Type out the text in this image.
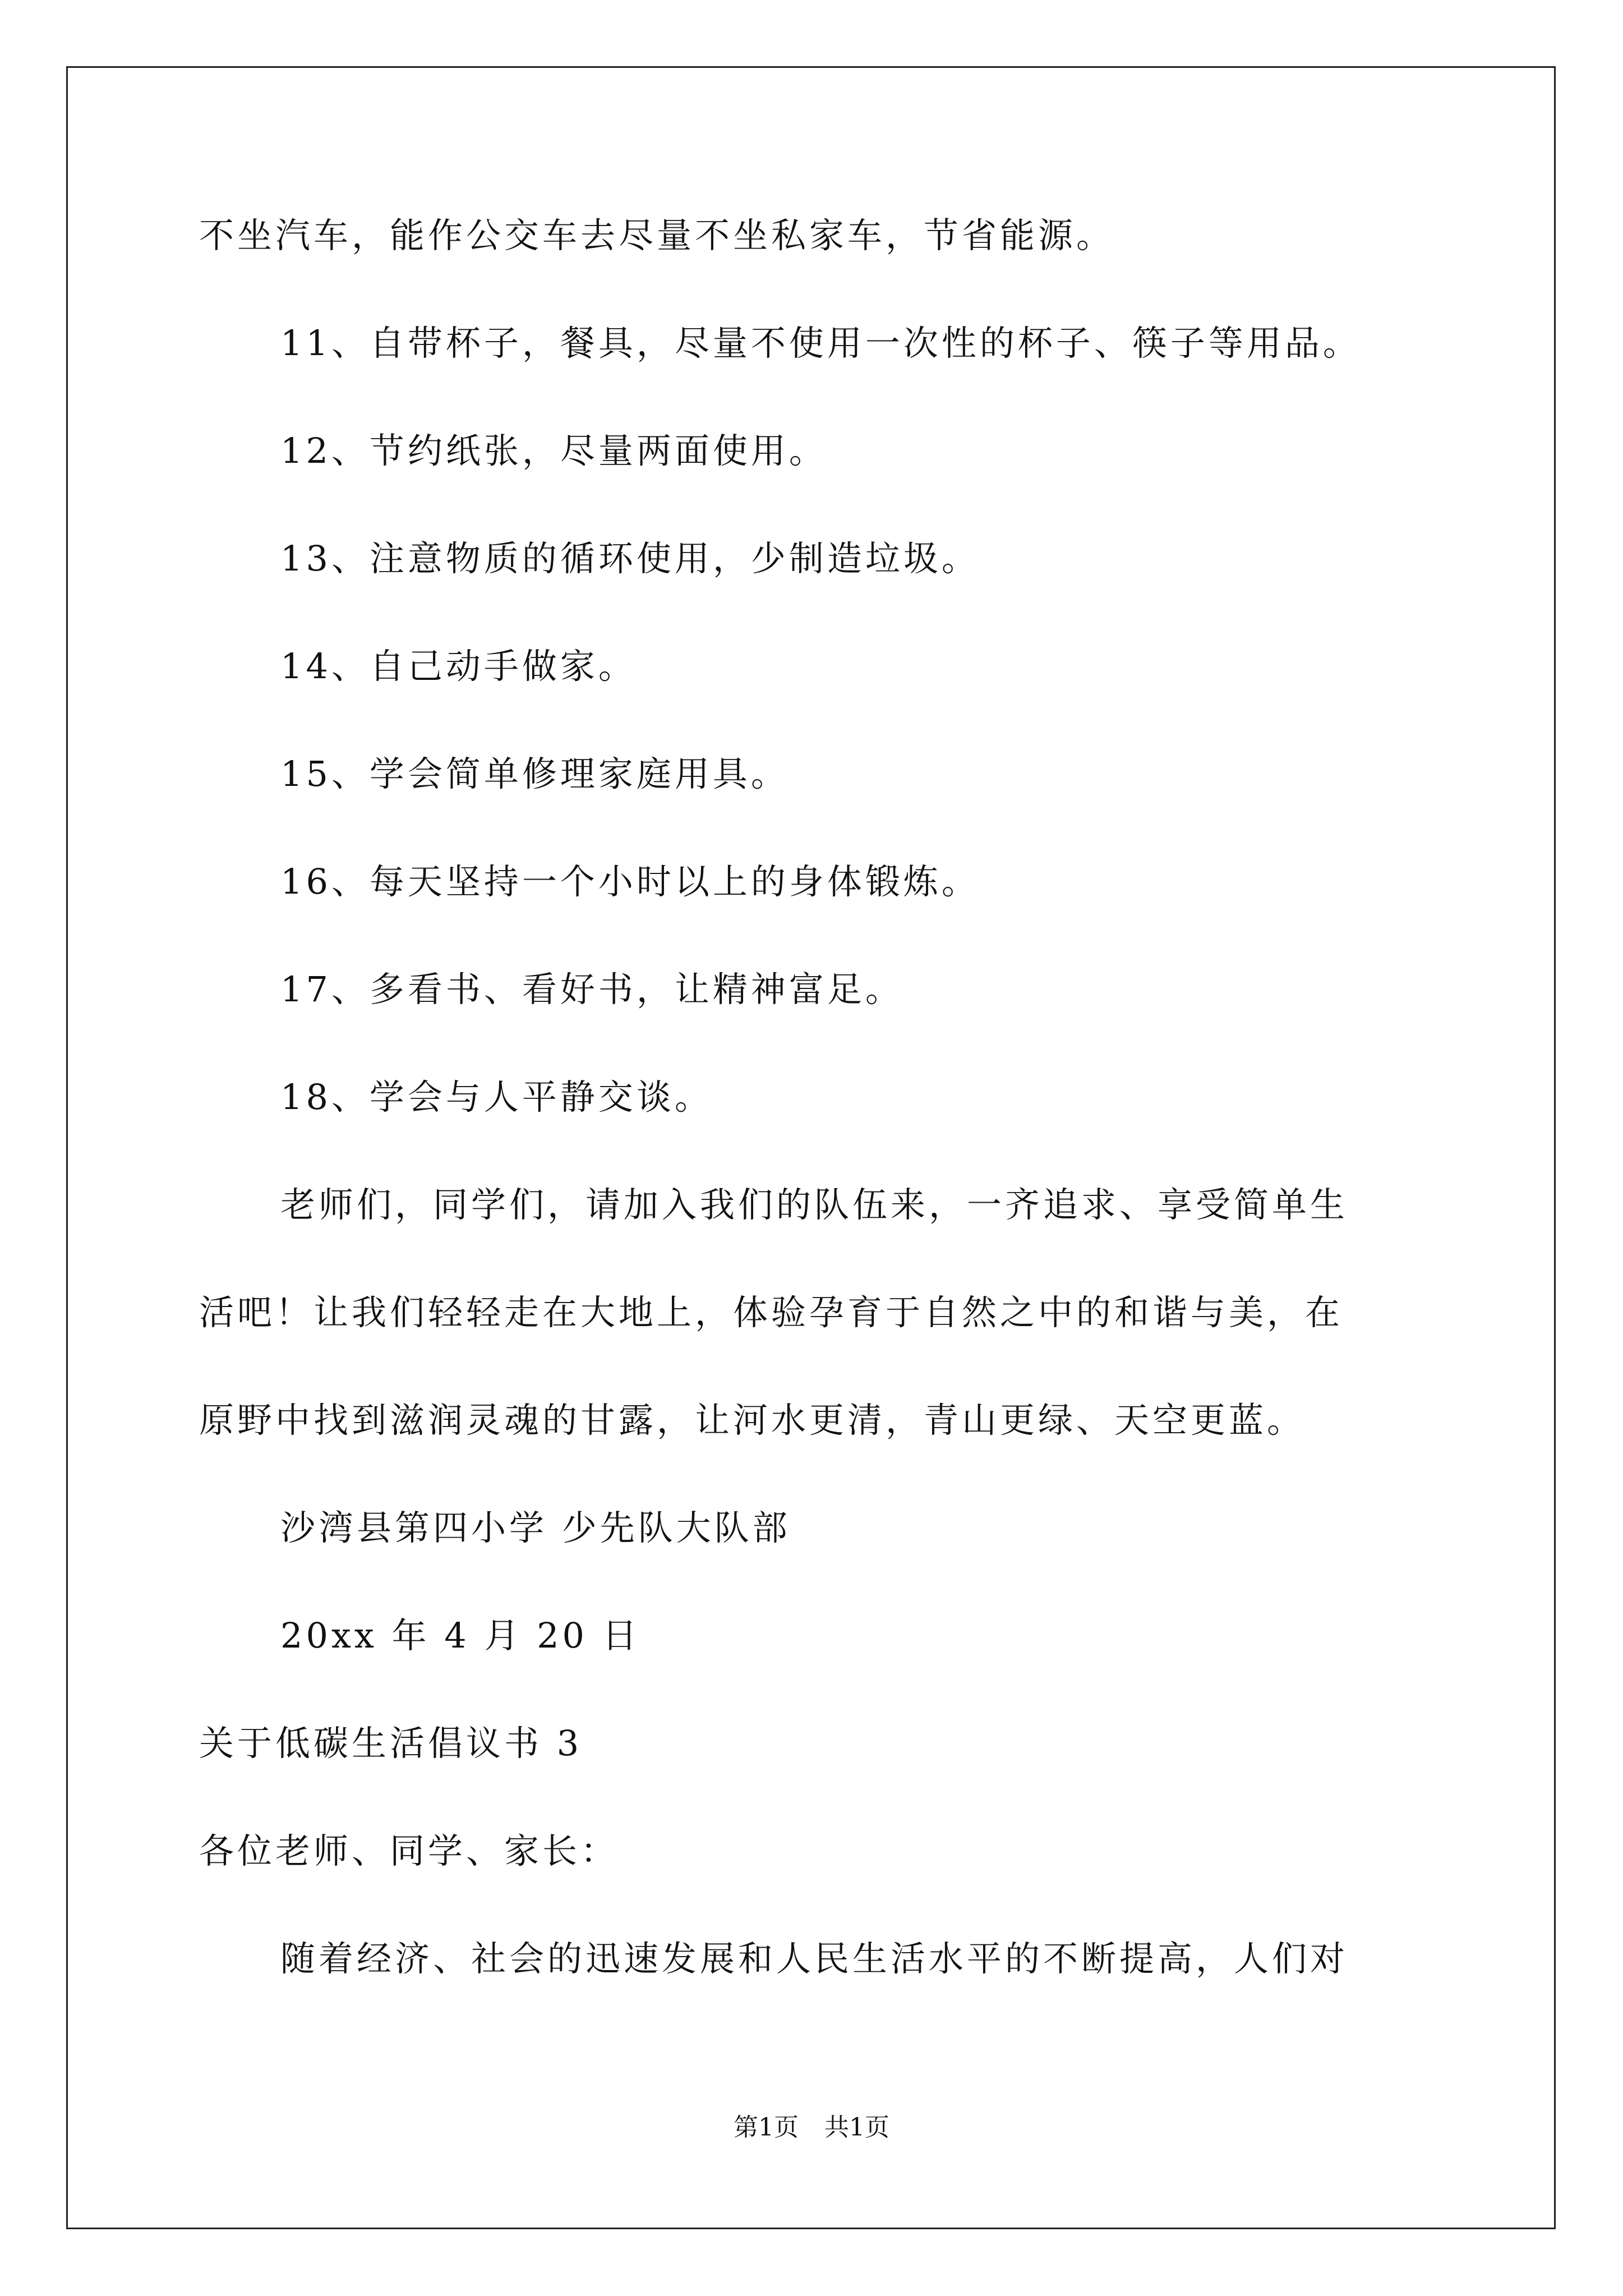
不坐汽车，能作公交车去尽量不坐私家车，节省能源。
11、自带杯子，餐具，尽量不使用一次性的杯子、筷子等用品。
12、节约纸张，尽量两面使用。
13、注意物质的循环使用，少制造垃圾。
14、自己动手做家。
15、学会简单修理家庭用具。
16、每天坚持一个小时以上的身体锻炼。
17、多看书、看好书，让精神富足。
18、学会与人平静交谈。
老师们，同学们，请加入我们的队伍来，一齐追求、享受简单生
活吧！让我们轻轻走在大地上，体验孕育于自然之中的和谐与美，在
原野中找到滋润灵魂的甘露，让河水更清，青山更绿、天空更蓝。
沙湾县第四小学 少先队大队部
20xx 年 4 月 20 日
关于低碳生活倡议书 3
各位老师、同学、家长：
随着经济、社会的迅速发展和人民生活水平的不断提高，人们对
第1页 共1页
